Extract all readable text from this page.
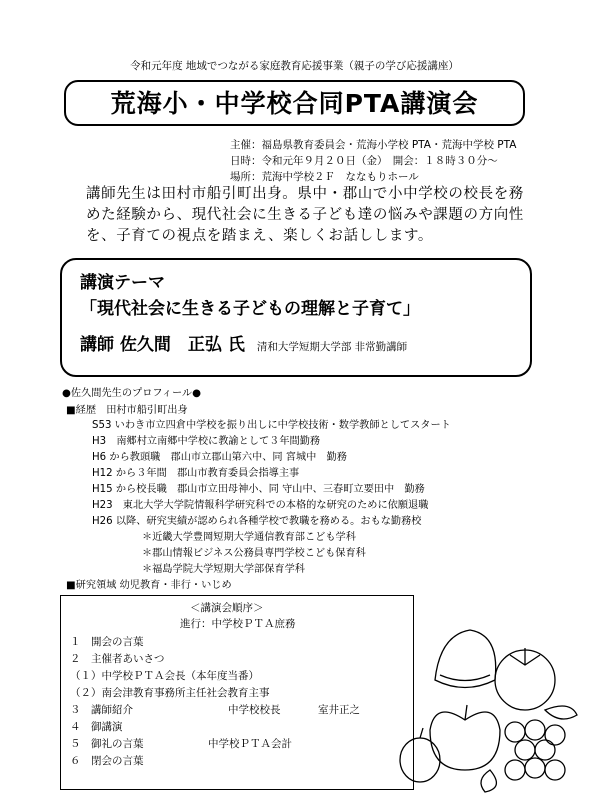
令和元年度 地域でつながる家庭教育応援事業（親子の学び応援講座）
荒海小・中学校合同PTA講演会
主催：福島県教育委員会・荒海小学校 PTA・荒海中学校 PTA
日時：令和元年９月２０日（金）　開会：１８時３０分～
場所：荒海中学校２Ｆ　ななもりホール
講師先生は田村市船引町出身。県中・郡山で小中学校の校長を務めた経験から、現代社会に生きる子ども達の悩みや課題の方向性を、子育ての視点を踏まえ、楽しくお話しします。
講演テーマ
「現代社会に生きる子どもの理解と子育て」
講師 佐久間　正弘 氏 清和大学短期大学部 非常勤講師
●佐久間先生のプロフィール●
■経歴　田村市船引町出身
S53 いわき市立四倉中学校を振り出しに中学校技術・数学教師としてスタート
H3　南郷村立南郷中学校に教諭として３年間勤務
H6 から教頭職　郡山市立郡山第六中、同 宮城中　勤務
H12 から３年間　郡山市教育委員会指導主事
H15 から校長職　郡山市立田母神小、同 守山中、三春町立要田中　勤務
H23　東北大学大学院情報科学研究科での本格的な研究のために依願退職
H26 以降、研究実績が認められ各種学校で教職を務める。おもな勤務校
＊近畿大学豊岡短期大学通信教育部こども学科
＊郡山情報ビジネス公務員専門学校こども保育科
＊福島学院大学短期大学部保育学科
■研究領域 幼児教育・非行・いじめ
＜講演会順序＞
進行：中学校ＰＴＡ庶務
１　開会の言葉
２　主催者あいさつ
（１）中学校ＰＴＡ会長（本年度当番）
（２）南会津教育事務所主任社会教育主事
３　講師紹介	中学校校長	室井正之
４　御講演
５　御礼の言葉	中学校ＰＴＡ会計
６　閉会の言葉
